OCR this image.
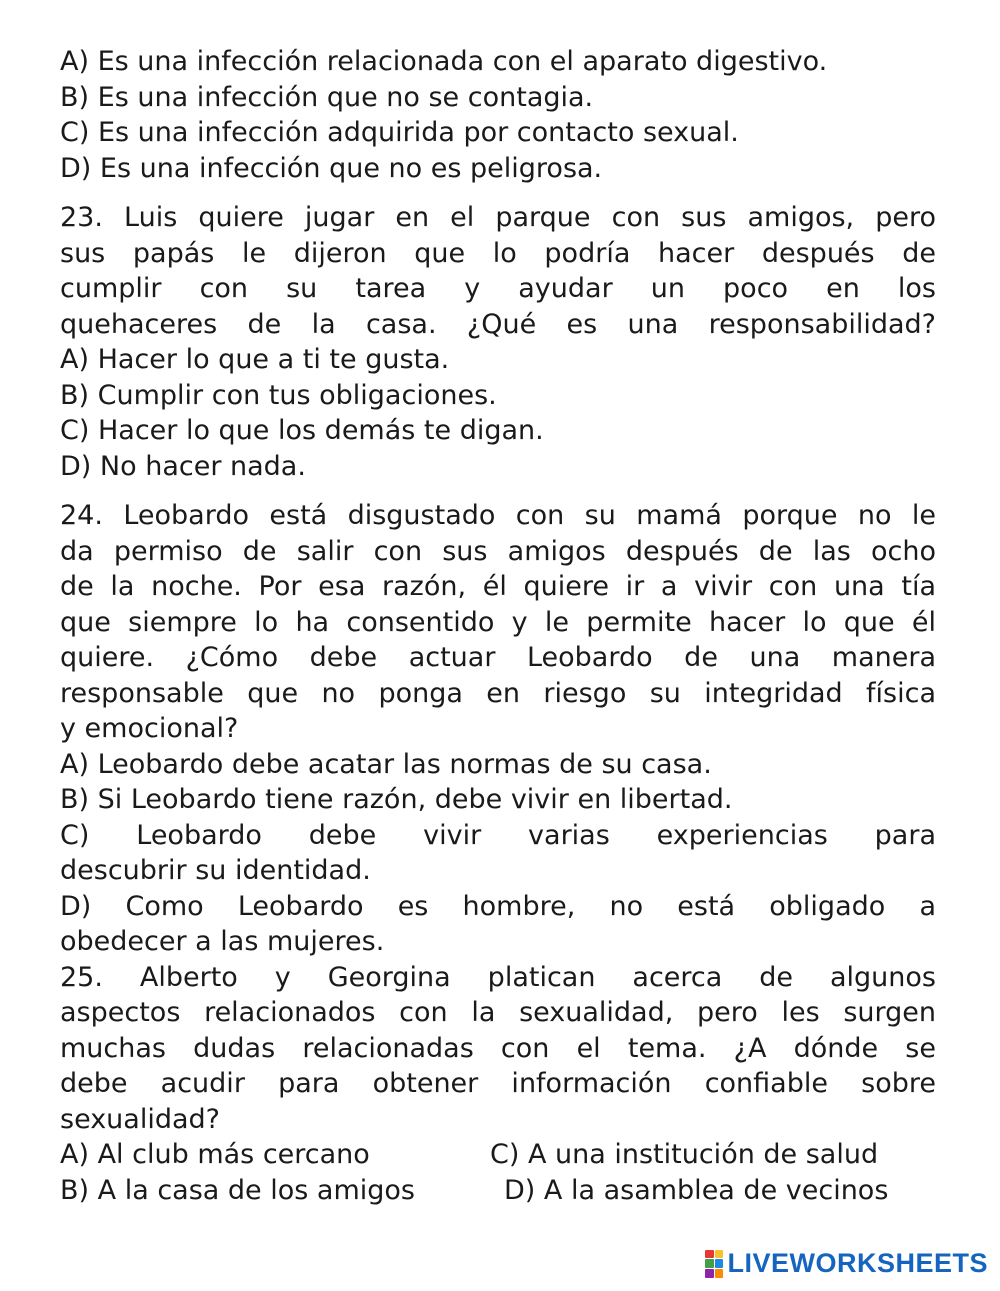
A) Es una infección relacionada con el aparato digestivo.
B) Es una infección que no se contagia.
C) Es una infección adquirida por contacto sexual.
D) Es una infección que no es peligrosa.
23. Luis quiere jugar en el parque con sus amigos, pero
sus papás le dijeron que lo podría hacer después de
cumplir con su tarea y ayudar un poco en los
quehaceres de la casa. ¿Qué es una responsabilidad?
A) Hacer lo que a ti te gusta.
B) Cumplir con tus obligaciones.
C) Hacer lo que los demás te digan.
D) No hacer nada.
24. Leobardo está disgustado con su mamá porque no le
da permiso de salir con sus amigos después de las ocho
de la noche. Por esa razón, él quiere ir a vivir con una tía
que siempre lo ha consentido y le permite hacer lo que él
quiere. ¿Cómo debe actuar Leobardo de una manera
responsable que no ponga en riesgo su integridad física
y emocional?
A) Leobardo debe acatar las normas de su casa.
B) Si Leobardo tiene razón, debe vivir en libertad.
C) Leobardo debe vivir varias experiencias para
descubrir su identidad.
D) Como Leobardo es hombre, no está obligado a
obedecer a las mujeres.
25. Alberto y Georgina platican acerca de algunos
aspectos relacionados con la sexualidad, pero les surgen
muchas dudas relacionadas con el tema. ¿A dónde se
debe acudir para obtener información confiable sobre
sexualidad?
A) Al club más cercano	C) A una institución de salud
B) A la casa de los amigos	D) A la asamblea de vecinos
LIVEWORKSHEETS
